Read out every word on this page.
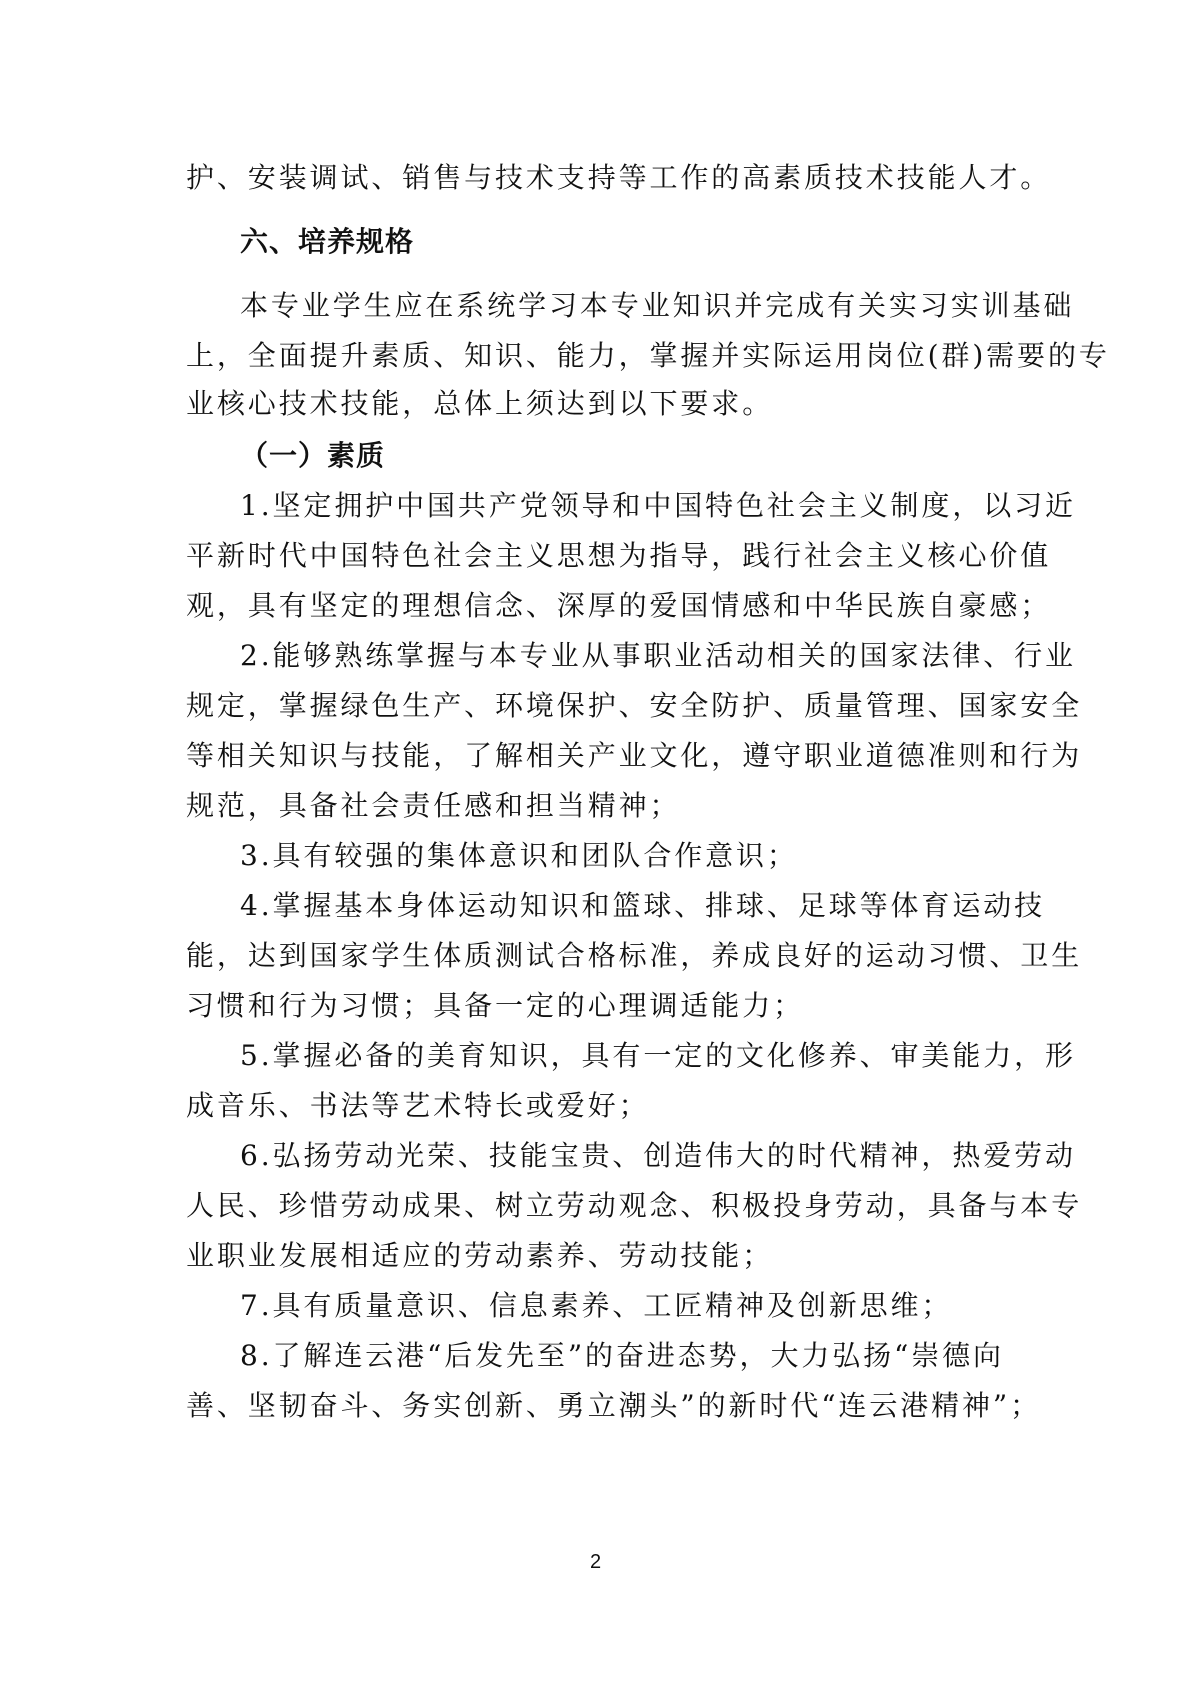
护、安装调试、销售与技术支持等工作的高素质技术技能人才。
六、培养规格
本专业学生应在系统学习本专业知识并完成有关实习实训基础
上，全面提升素质、知识、能力，掌握并实际运用岗位(群)需要的专
业核心技术技能，总体上须达到以下要求。
（一）素质
1.坚定拥护中国共产党领导和中国特色社会主义制度，以习近
平新时代中国特色社会主义思想为指导，践行社会主义核心价值
观，具有坚定的理想信念、深厚的爱国情感和中华民族自豪感；
2.能够熟练掌握与本专业从事职业活动相关的国家法律、行业
规定，掌握绿色生产、环境保护、安全防护、质量管理、国家安全
等相关知识与技能，了解相关产业文化，遵守职业道德准则和行为
规范，具备社会责任感和担当精神；
3.具有较强的集体意识和团队合作意识；
4.掌握基本身体运动知识和篮球、排球、足球等体育运动技
能，达到国家学生体质测试合格标准，养成良好的运动习惯、卫生
习惯和行为习惯；具备一定的心理调适能力；
5.掌握必备的美育知识，具有一定的文化修养、审美能力，形
成音乐、书法等艺术特长或爱好；
6.弘扬劳动光荣、技能宝贵、创造伟大的时代精神，热爱劳动
人民、珍惜劳动成果、树立劳动观念、积极投身劳动，具备与本专
业职业发展相适应的劳动素养、劳动技能；
7.具有质量意识、信息素养、工匠精神及创新思维；
8.了解连云港“后发先至”的奋进态势，大力弘扬“崇德向
善、坚韧奋斗、务实创新、勇立潮头”的新时代“连云港精神”；
2
